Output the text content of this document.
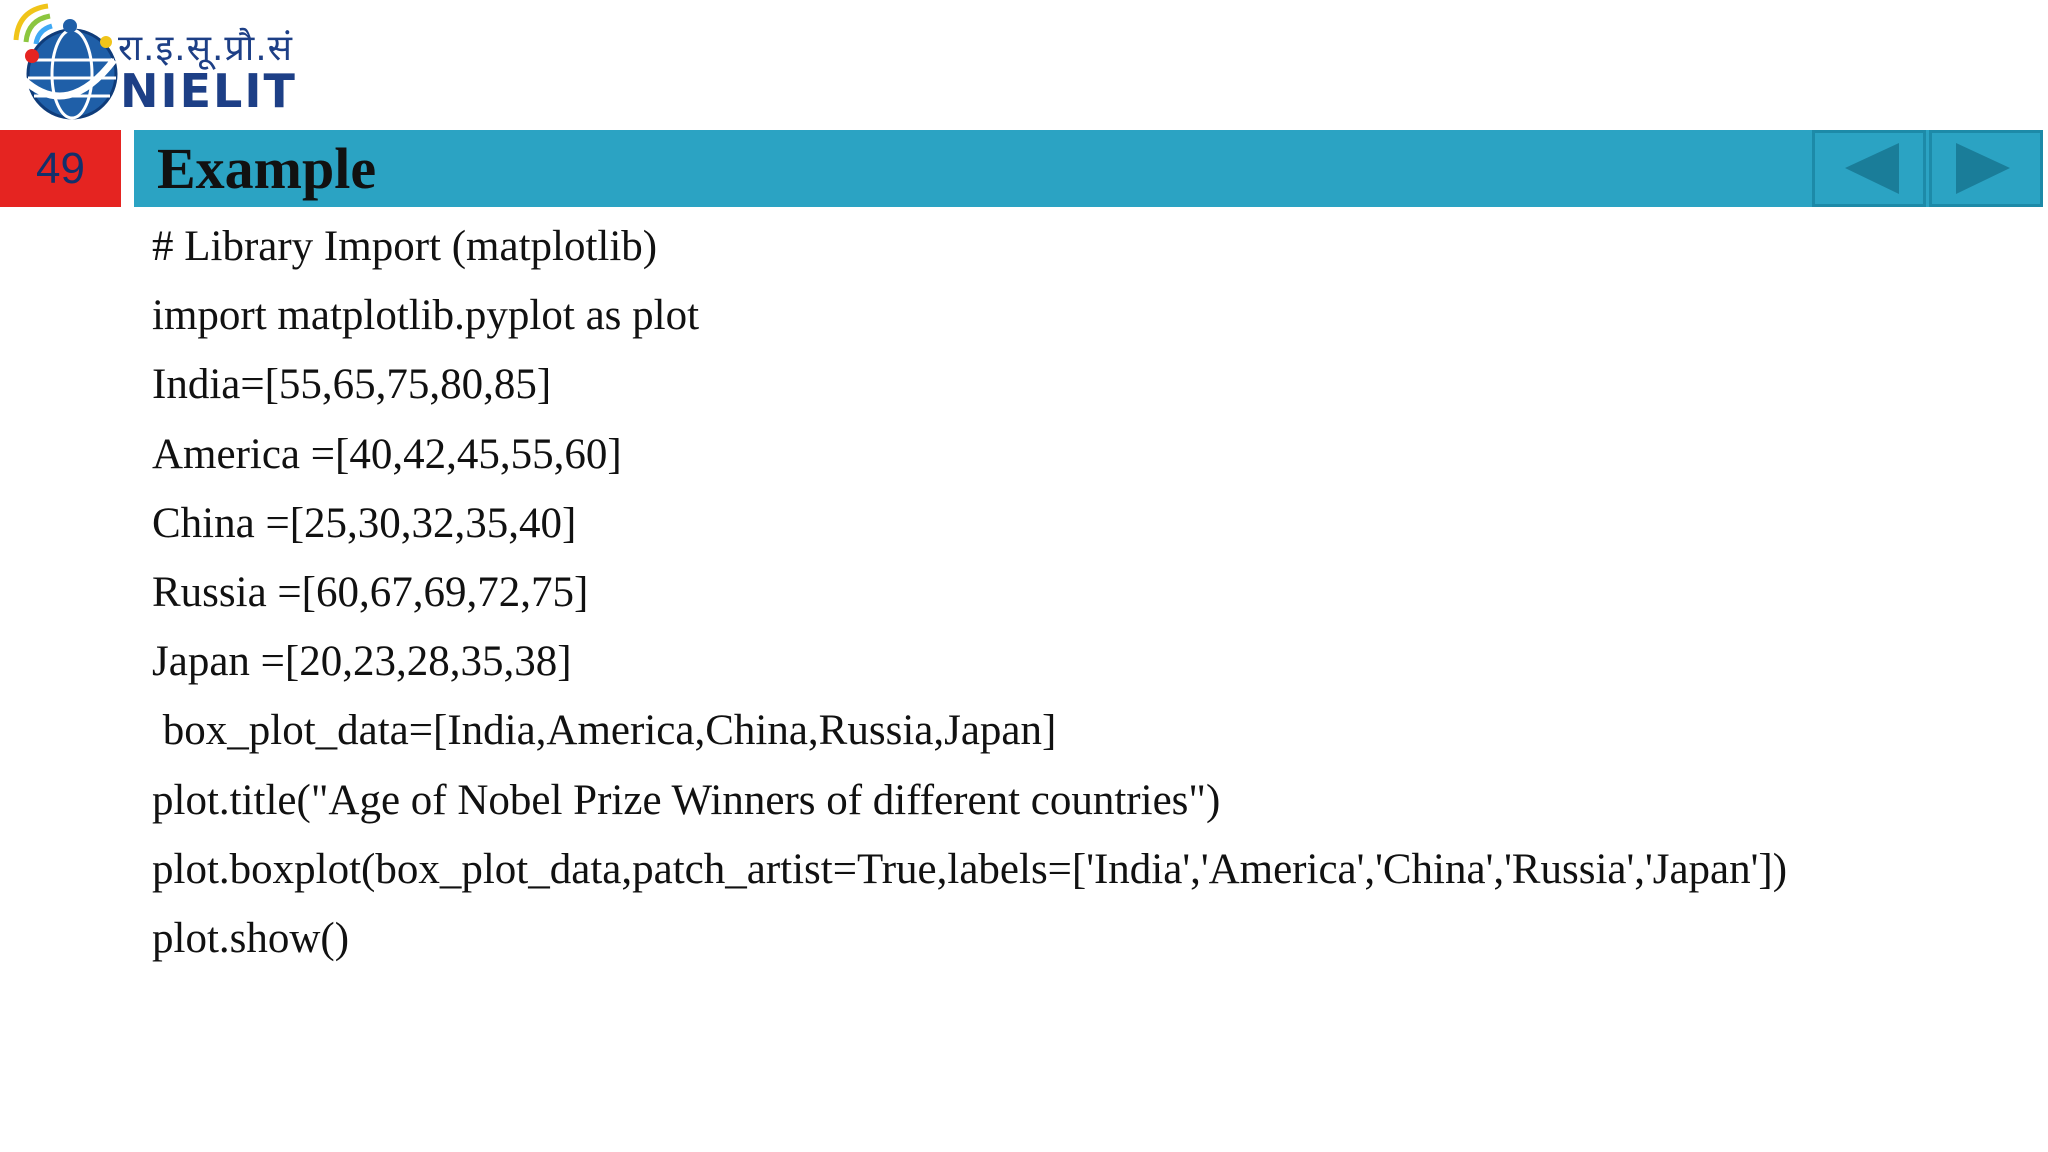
रा.इ.सू.प्रौ.सं
NIELIT
49	Example
# Library Import (matplotlib)
import matplotlib.pyplot as plot
India=[55,65,75,80,85]
America =[40,42,45,55,60]
China =[25,30,32,35,40]
Russia =[60,67,69,72,75]
Japan =[20,23,28,35,38]
box_plot_data=[India,America,China,Russia,Japan]
plot.title("Age of Nobel Prize Winners of different countries")
plot.boxplot(box_plot_data,patch_artist=True,labels=['India','America','China','Russia','Japan'])
plot.show()
